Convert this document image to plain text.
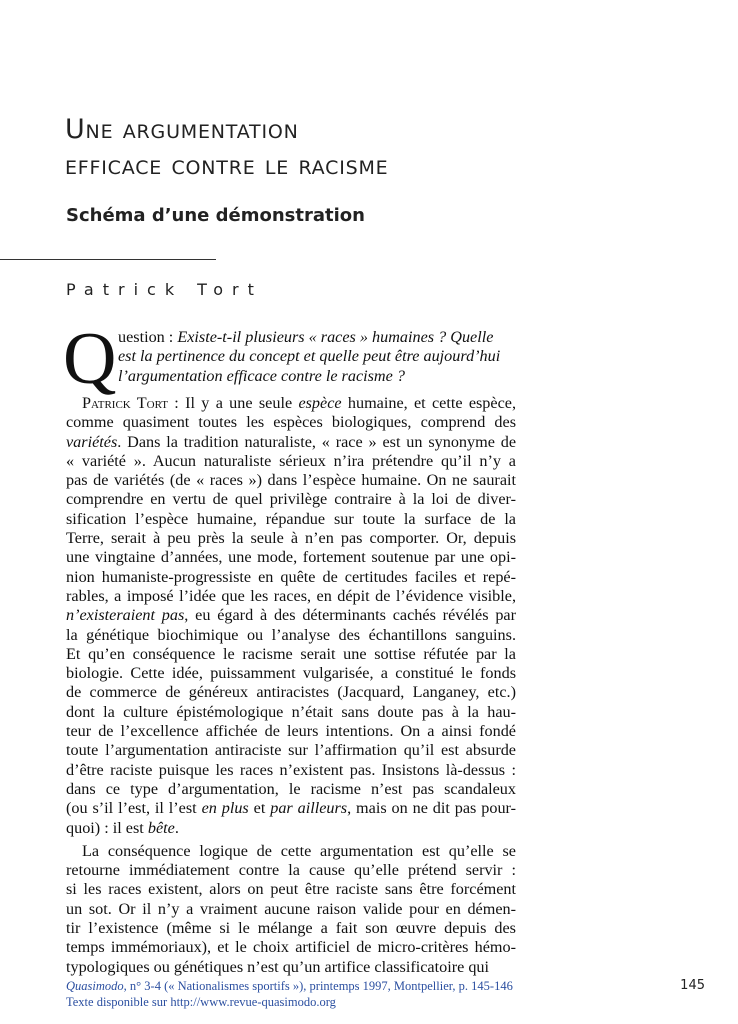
Une argumentation
efficace contre le racisme
Schéma d’une démonstration
Patrick Tort
Q uestion : Existe-t-il plusieurs « races » humaines ? Quelle
est la pertinence du concept et quelle peut être aujourd’hui
l’argumentation efficace contre le racisme ?
Patrick Tort : Il y a une seule espèce humaine, et cette espèce,
comme quasiment toutes les espèces biologiques, comprend des
variétés. Dans la tradition naturaliste, « race » est un synonyme de
« variété ». Aucun naturaliste sérieux n’ira prétendre qu’il n’y a
pas de variétés (de « races ») dans l’espèce humaine. On ne saurait
comprendre en vertu de quel privilège contraire à la loi de diver-
sification l’espèce humaine, répandue sur toute la surface de la
Terre, serait à peu près la seule à n’en pas comporter. Or, depuis
une vingtaine d’années, une mode, fortement soutenue par une opi-
nion humaniste-progressiste en quête de certitudes faciles et repé-
rables, a imposé l’idée que les races, en dépit de l’évidence visible,
n’existeraient pas, eu égard à des déterminants cachés révélés par
la génétique biochimique ou l’analyse des échantillons sanguins.
Et qu’en conséquence le racisme serait une sottise réfutée par la
biologie. Cette idée, puissamment vulgarisée, a constitué le fonds
de commerce de généreux antiracistes (Jacquard, Langaney, etc.)
dont la culture épistémologique n’était sans doute pas à la hau-
teur de l’excellence affichée de leurs intentions. On a ainsi fondé
toute l’argumentation antiraciste sur l’affirmation qu’il est absurde
d’être raciste puisque les races n’existent pas. Insistons là-dessus :
dans ce type d’argumentation, le racisme n’est pas scandaleux
(ou s’il l’est, il l’est en plus et par ailleurs, mais on ne dit pas pour-
quoi) : il est bête.
La conséquence logique de cette argumentation est qu’elle se
retourne immédiatement contre la cause qu’elle prétend servir :
si les races existent, alors on peut être raciste sans être forcément
un sot. Or il n’y a vraiment aucune raison valide pour en démen-
tir l’existence (même si le mélange a fait son œuvre depuis des
temps immémoriaux), et le choix artificiel de micro-critères hémo-
typologiques ou génétiques n’est qu’un artifice classificatoire qui
Quasimodo, n° 3-4 (« Nationalismes sportifs »), printemps 1997, Montpellier, p. 145-146
Texte disponible sur http://www.revue-quasimodo.org
145
